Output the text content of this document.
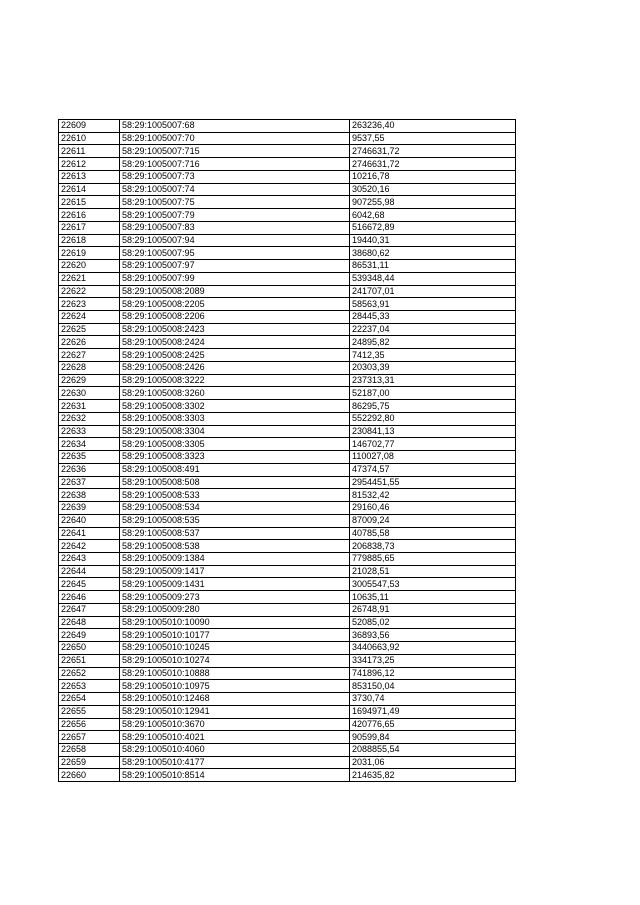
22609	58:29:1005007:68	263236,40
22610	58:29:1005007:70	9537,55
22611	58:29:1005007:715	2746631,72
22612	58:29:1005007:716	2746631,72
22613	58:29:1005007:73	10216,78
22614	58:29:1005007:74	30520,16
22615	58:29:1005007:75	907255,98
22616	58:29:1005007:79	6042,68
22617	58:29:1005007:83	516672,89
22618	58:29:1005007:94	19440,31
22619	58:29:1005007:95	38680,62
22620	58:29:1005007:97	86531,11
22621	58:29:1005007:99	539348,44
22622	58:29:1005008:2089	241707,01
22623	58:29:1005008:2205	58563,91
22624	58:29:1005008:2206	28445,33
22625	58:29:1005008:2423	22237,04
22626	58:29:1005008:2424	24895,82
22627	58:29:1005008:2425	7412,35
22628	58:29:1005008:2426	20303,39
22629	58:29:1005008:3222	237313,31
22630	58:29:1005008:3260	52187,00
22631	58:29:1005008:3302	86295,75
22632	58:29:1005008:3303	552292,80
22633	58:29:1005008:3304	230841,13
22634	58:29:1005008:3305	146702,77
22635	58:29:1005008:3323	110027,08
22636	58:29:1005008:491	47374,57
22637	58:29:1005008:508	2954451,55
22638	58:29:1005008:533	81532,42
22639	58:29:1005008:534	29160,46
22640	58:29:1005008:535	87009,24
22641	58:29:1005008:537	40785,58
22642	58:29:1005008:538	206838,73
22643	58:29:1005009:1384	779885,65
22644	58:29:1005009:1417	21028,51
22645	58:29:1005009:1431	3005547,53
22646	58:29:1005009:273	10635,11
22647	58:29:1005009:280	26748,91
22648	58:29:1005010:10090	52085,02
22649	58:29:1005010:10177	36893,56
22650	58:29:1005010:10245	3440663,92
22651	58:29:1005010:10274	334173,25
22652	58:29:1005010:10888	741896,12
22653	58:29:1005010:10975	853150,04
22654	58:29:1005010:12468	3730,74
22655	58:29:1005010:12941	1694971,49
22656	58:29:1005010:3670	420776,65
22657	58:29:1005010:4021	90599,84
22658	58:29:1005010:4060	2088855,54
22659	58:29:1005010:4177	2031,06
22660	58:29:1005010:8514	214635,82
